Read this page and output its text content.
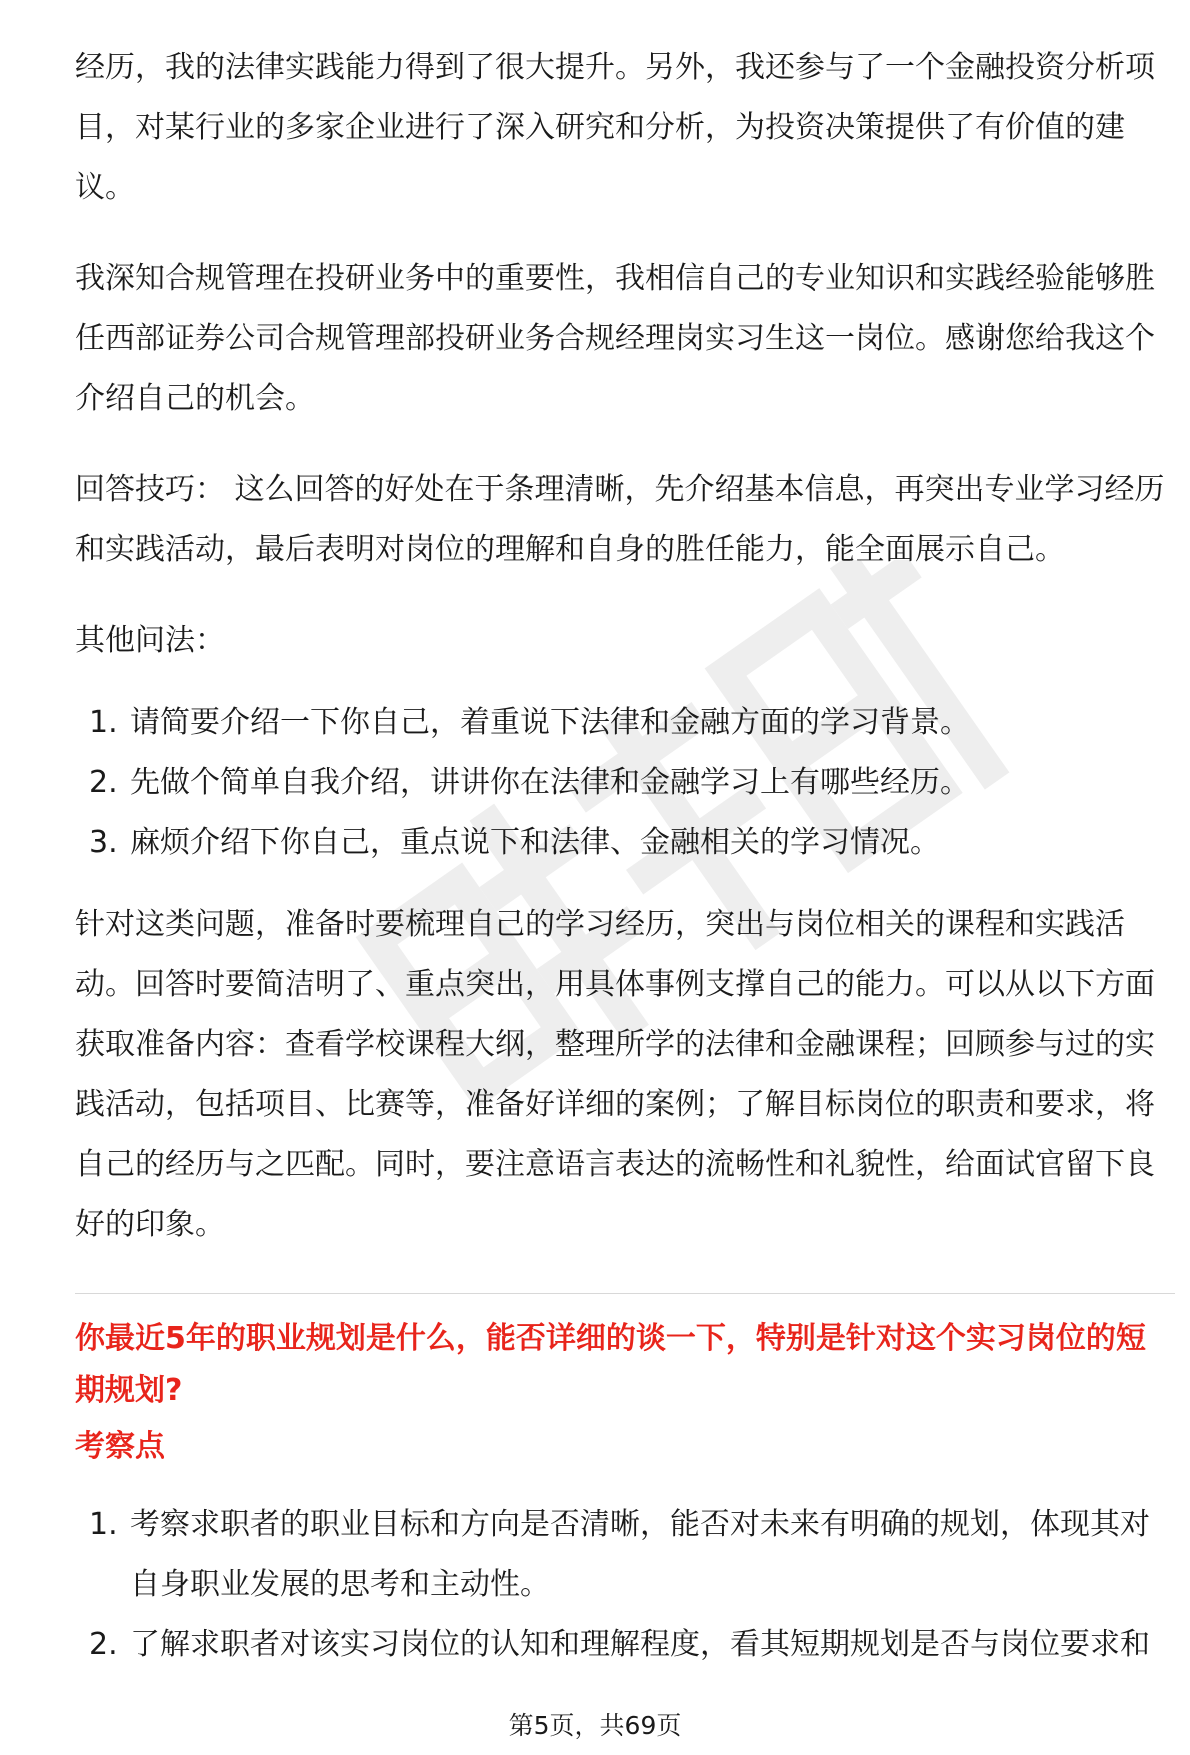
经历，我的法律实践能力得到了很大提升。另外，我还参与了一个金融投资分析项目，对某行业的多家企业进行了深入研究和分析，为投资决策提供了有价值的建议。

我深知合规管理在投研业务中的重要性，我相信自己的专业知识和实践经验能够胜任西部证券公司合规管理部投研业务合规经理岗实习生这一岗位。感谢您给我这个介绍自己的机会。

回答技巧： 这么回答的好处在于条理清晰，先介绍基本信息，再突出专业学习经历和实践活动，最后表明对岗位的理解和自身的胜任能力，能全面展示自己。

其他问法：

1. 请简要介绍一下你自己，着重说下法律和金融方面的学习背景。
2. 先做个简单自我介绍，讲讲你在法律和金融学习上有哪些经历。
3. 麻烦介绍下你自己，重点说下和法律、金融相关的学习情况。

针对这类问题，准备时要梳理自己的学习经历，突出与岗位相关的课程和实践活动。回答时要简洁明了、重点突出，用具体事例支撑自己的能力。可以从以下方面获取准备内容：查看学校课程大纲，整理所学的法律和金融课程；回顾参与过的实践活动，包括项目、比赛等，准备好详细的案例；了解目标岗位的职责和要求，将自己的经历与之匹配。同时，要注意语言表达的流畅性和礼貌性，给面试官留下良好的印象。

你最近5年的职业规划是什么，能否详细的谈一下，特别是针对这个实习岗位的短期规划?

考察点

1. 考察求职者的职业目标和方向是否清晰，能否对未来有明确的规划，体现其对自身职业发展的思考和主动性。
2. 了解求职者对该实习岗位的认知和理解程度，看其短期规划是否与岗位要求和
第5页，共69页
